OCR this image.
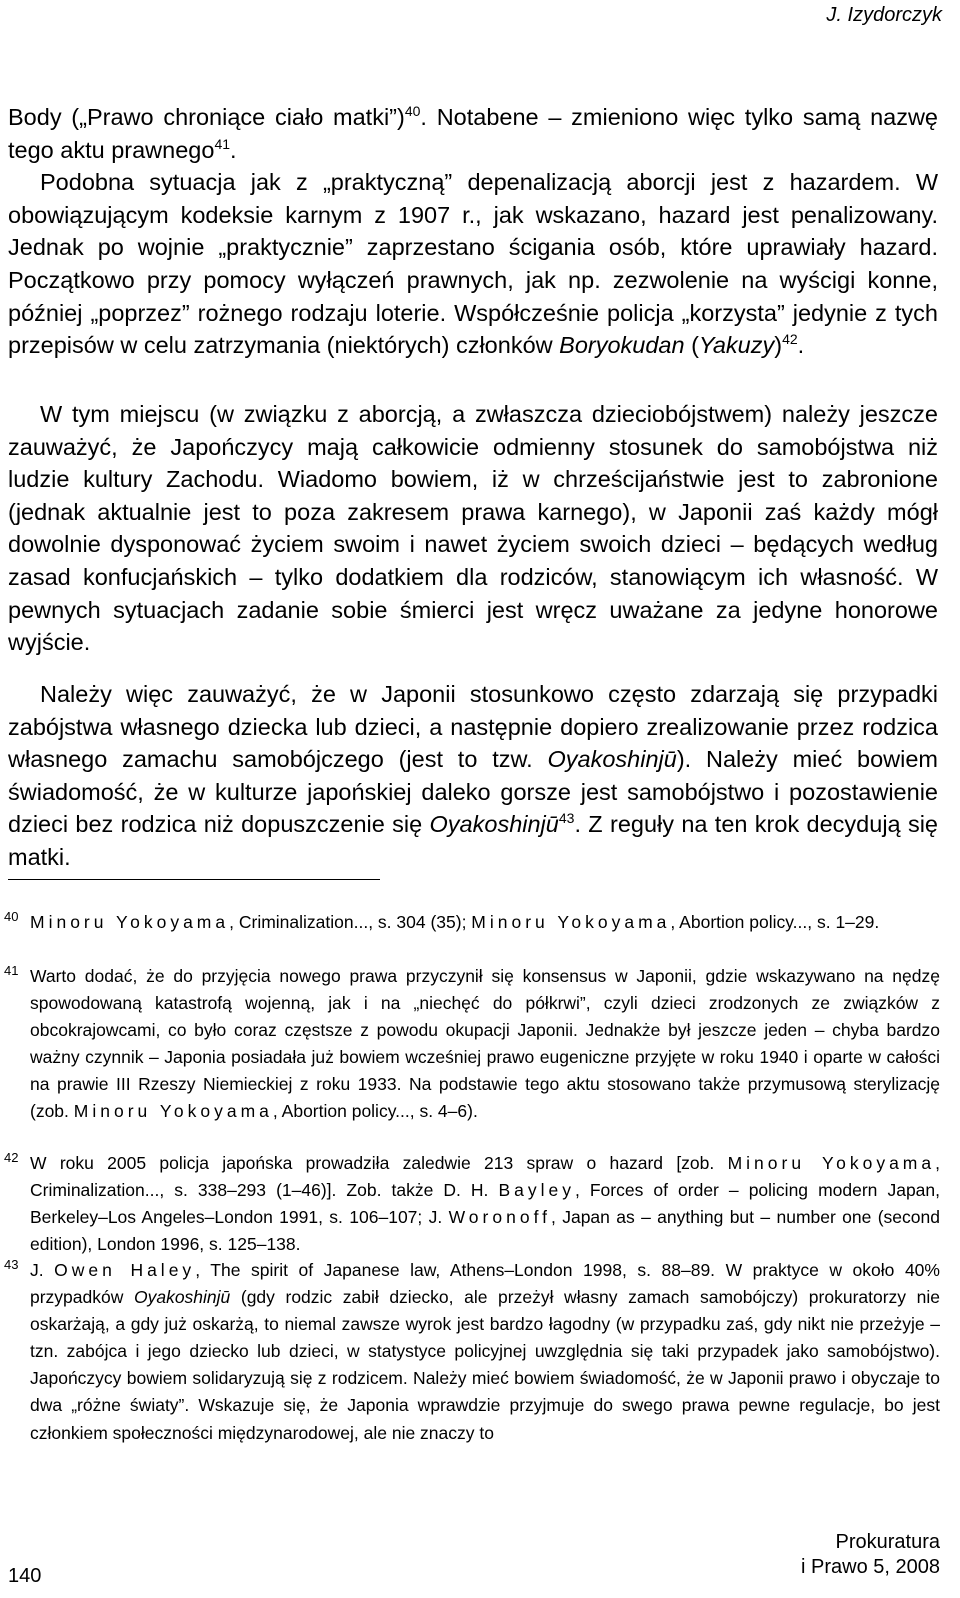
J. Izydorczyk

Body („Prawo chroniące ciało matki”)$^{40}$. Notabene – zmieniono więc tylko samą nazwę tego aktu prawnego$^{41}$.

Podobna sytuacja jak z „praktyczną” depenalizacją aborcji jest z hazardem. W obowiązującym kodeksie karnym z 1907 r., jak wskazano, hazard jest penalizowany. Jednak po wojnie „praktycznie” zaprzestano ścigania osób, które uprawiały hazard. Początkowo przy pomocy wyłączeń prawnych, jak np. zezwolenie na wyścigi konne, później „poprzez” rożnego rodzaju loterie. Współcześnie policja „korzysta” jedynie z tych przepisów w celu zatrzymania (niektórych) członków Boryokudan (Yakuzy)$^{42}$.

W tym miejscu (w związku z aborcją, a zwłaszcza dzieciobójstwem) należy jeszcze zauważyć, że Japończycy mają całkowicie odmienny stosunek do samobójstwa niż ludzie kultury Zachodu. Wiadomo bowiem, iż w chrześcijaństwie jest to zabronione (jednak aktualnie jest to poza zakresem prawa karnego), w Japonii zaś każdy mógł dowolnie dysponować życiem swoim i nawet życiem swoich dzieci – będących według zasad konfucjańskich – tylko dodatkiem dla rodziców, stanowiącym ich własność. W pewnych sytuacjach zadanie sobie śmierci jest wręcz uważane za jedyne honorowe wyjście.

Należy więc zauważyć, że w Japonii stosunkowo często zdarzają się przypadki zabójstwa własnego dziecka lub dzieci, a następnie dopiero zrealizowanie przez rodzica własnego zamachu samobójczego (jest to tzw. Oyakoshinjū). Należy mieć bowiem świadomość, że w kulturze japońskiej daleko gorsze jest samobójstwo i pozostawienie dzieci bez rodzica niż dopuszczenie się Oyakoshinjū$^{43}$. Z reguły na ten krok decydują się matki.

40 Minoru Yokoyama, Criminalization..., s. 304 (35); Minoru Yokoyama, Abortion policy..., s. 1–29.
41 Warto dodać, że do przyjęcia nowego prawa przyczynił się konsensus w Japonii, gdzie wskazywano na nędzę spowodowaną katastrofą wojenną, jak i na „niechęć do półkrwi”, czyli dzieci zrodzonych ze związków z obcokrajowcami, co było coraz częstsze z powodu okupacji Japonii. Jednakże był jeszcze jeden – chyba bardzo ważny czynnik – Japonia posiadała już bowiem wcześniej prawo eugeniczne przyjęte w roku 1940 i oparte w całości na prawie III Rzeszy Niemieckiej z roku 1933. Na podstawie tego aktu stosowano także przymusową sterylizację (zob. Minoru Yokoyama, Abortion policy..., s. 4–6).
42 W roku 2005 policja japońska prowadziła zaledwie 213 spraw o hazard [zob. Minoru Yokoyama, Criminalization..., s. 338–293 (1–46)]. Zob. także D. H. Bayley, Forces of order – policing modern Japan, Berkeley–Los Angeles–London 1991, s. 106–107; J. Woronoff, Japan as – anything but – number one (second edition), London 1996, s. 125–138.
43 J. Owen Haley, The spirit of Japanese law, Athens–London 1998, s. 88–89. W praktyce w około 40% przypadków Oyakoshinjū (gdy rodzic zabił dziecko, ale przeżył własny zamach samobójczy) prokuratorzy nie oskarżają, a gdy już oskarżą, to niemal zawsze wyrok jest bardzo łagodny (w przypadku zaś, gdy nikt nie przeżyje – tzn. zabójca i jego dziecko lub dzieci, w statystyce policyjnej uwzględnia się taki przypadek jako samobójstwo). Japończycy bowiem solidaryzują się z rodzicem. Należy mieć bowiem świadomość, że w Japonii prawo i obyczaje to dwa „różne światy”. Wskazuje się, że Japonia wprawdzie przyjmuje do swego prawa pewne regulacje, bo jest członkiem społeczności międzynarodowej, ale nie znaczy to
140
Prokuratura
i Prawo 5, 2008
